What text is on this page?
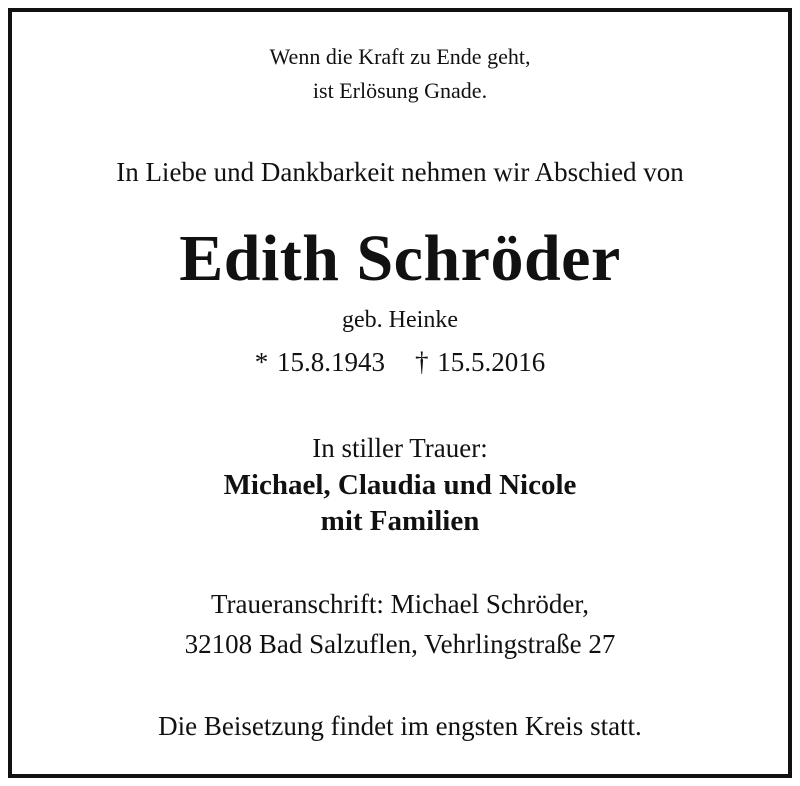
Wenn die Kraft zu Ende geht,
ist Erlösung Gnade.
In Liebe und Dankbarkeit nehmen wir Abschied von
Edith Schröder
geb. Heinke
* 15.8.1943 † 15.5.2016
In stiller Trauer:
Michael, Claudia und Nicole
mit Familien
Traueranschrift: Michael Schröder,
32108 Bad Salzuflen, Vehrlingstraße 27
Die Beisetzung findet im engsten Kreis statt.
